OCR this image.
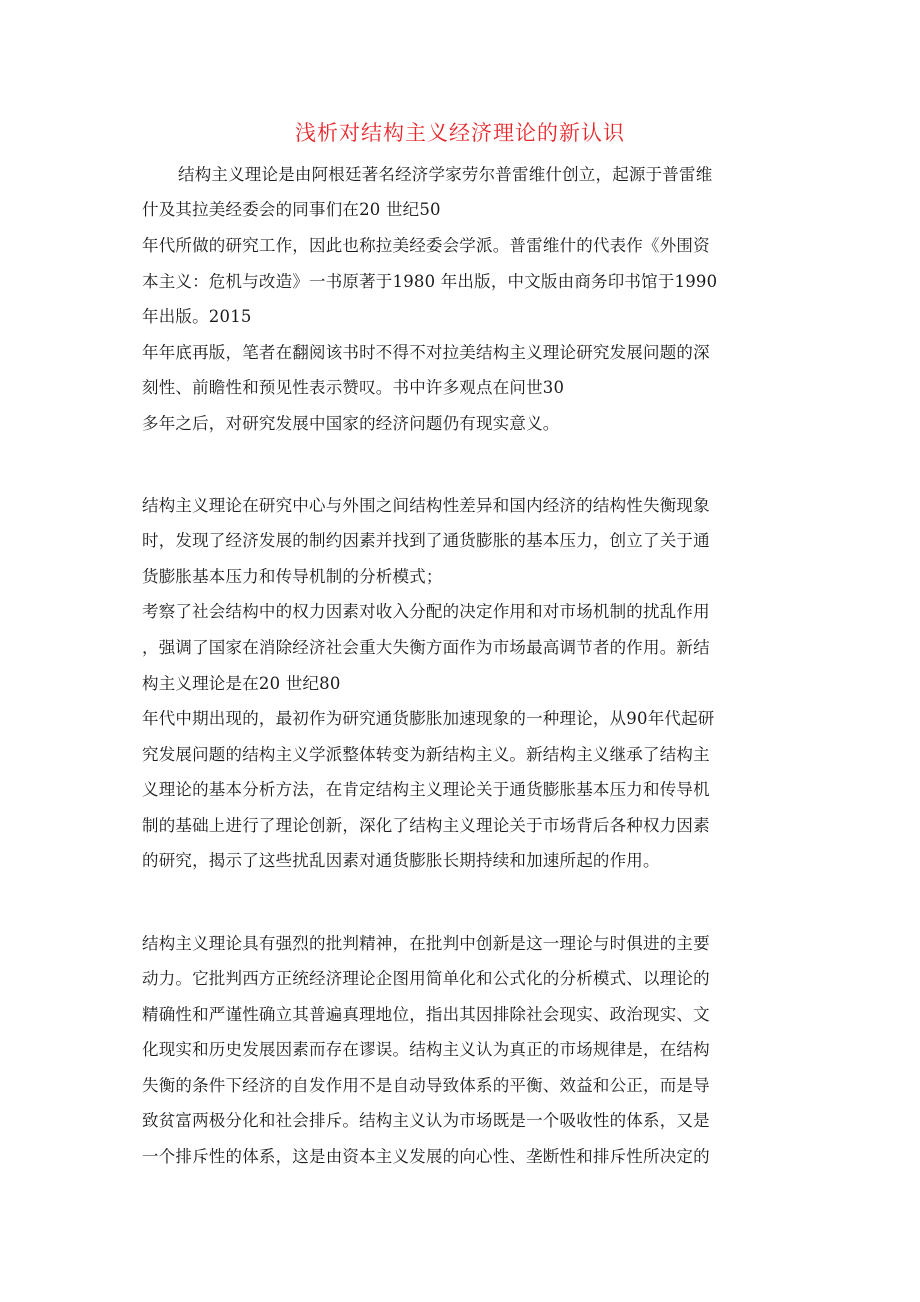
浅析对结构主义经济理论的新认识
结构主义理论是由阿根廷著名经济学家劳尔普雷维什创立，起源于普雷维
什及其拉美经委会的同事们在20 世纪50
年代所做的研究工作，因此也称拉美经委会学派。普雷维什的代表作《外围资
本主义：危机与改造》一书原著于1980 年出版，中文版由商务印书馆于1990
年出版。2015
年年底再版，笔者在翻阅该书时不得不对拉美结构主义理论研究发展问题的深
刻性、前瞻性和预见性表示赞叹。书中许多观点在问世30
多年之后，对研究发展中国家的经济问题仍有现实意义。
结构主义理论在研究中心与外围之间结构性差异和国内经济的结构性失衡现象
时，发现了经济发展的制约因素并找到了通货膨胀的基本压力，创立了关于通
货膨胀基本压力和传导机制的分析模式；
考察了社会结构中的权力因素对收入分配的决定作用和对市场机制的扰乱作用
，强调了国家在消除经济社会重大失衡方面作为市场最高调节者的作用。新结
构主义理论是在20 世纪80
年代中期出现的，最初作为研究通货膨胀加速现象的一种理论，从90年代起研
究发展问题的结构主义学派整体转变为新结构主义。新结构主义继承了结构主
义理论的基本分析方法，在肯定结构主义理论关于通货膨胀基本压力和传导机
制的基础上进行了理论创新，深化了结构主义理论关于市场背后各种权力因素
的研究，揭示了这些扰乱因素对通货膨胀长期持续和加速所起的作用。
结构主义理论具有强烈的批判精神，在批判中创新是这一理论与时俱进的主要
动力。它批判西方正统经济理论企图用简单化和公式化的分析模式、以理论的
精确性和严谨性确立其普遍真理地位，指出其因排除社会现实、政治现实、文
化现实和历史发展因素而存在谬误。结构主义认为真正的市场规律是，在结构
失衡的条件下经济的自发作用不是自动导致体系的平衡、效益和公正，而是导
致贫富两极分化和社会排斥。结构主义认为市场既是一个吸收性的体系，又是
一个排斥性的体系，这是由资本主义发展的向心性、垄断性和排斥性所决定的
